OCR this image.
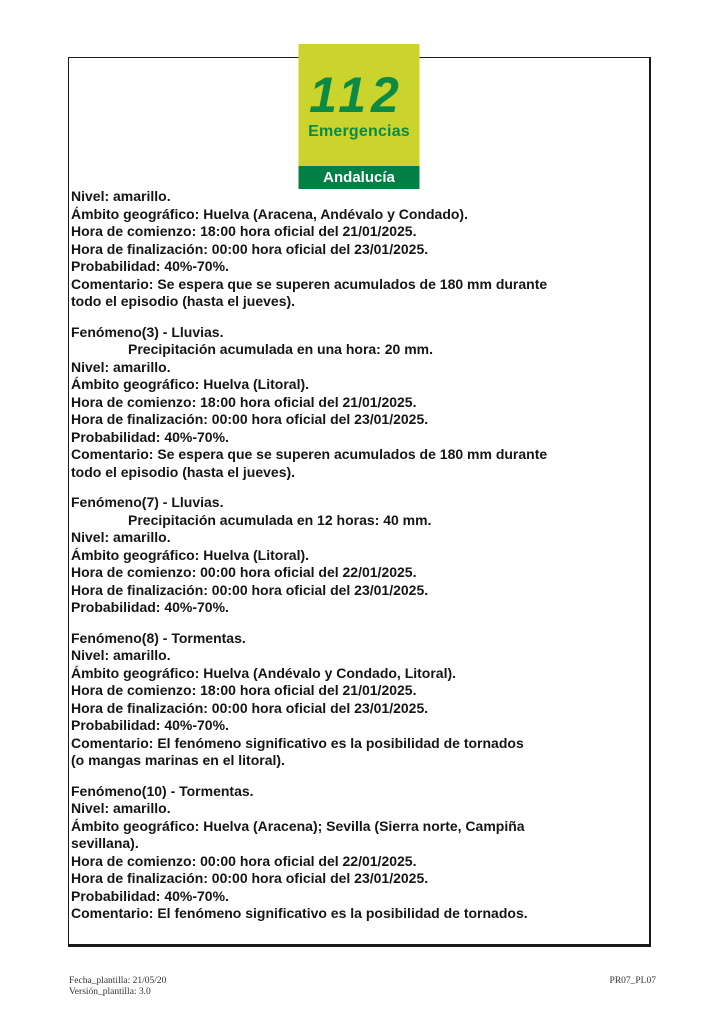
112
Emergencias
Andalucía
Nivel: amarillo.
Ámbito geográfico: Huelva (Aracena, Andévalo y Condado).
Hora de comienzo: 18:00 hora oficial del 21/01/2025.
Hora de finalización: 00:00 hora oficial del 23/01/2025.
Probabilidad: 40%-70%.
Comentario: Se espera que se superen acumulados de 180 mm durante
todo el episodio (hasta el jueves).
Fenómeno(3) - Lluvias.
Precipitación acumulada en una hora: 20 mm.
Nivel: amarillo.
Ámbito geográfico: Huelva (Litoral).
Hora de comienzo: 18:00 hora oficial del 21/01/2025.
Hora de finalización: 00:00 hora oficial del 23/01/2025.
Probabilidad: 40%-70%.
Comentario: Se espera que se superen acumulados de 180 mm durante
todo el episodio (hasta el jueves).
Fenómeno(7) - Lluvias.
Precipitación acumulada en 12 horas: 40 mm.
Nivel: amarillo.
Ámbito geográfico: Huelva (Litoral).
Hora de comienzo: 00:00 hora oficial del 22/01/2025.
Hora de finalización: 00:00 hora oficial del 23/01/2025.
Probabilidad: 40%-70%.
Fenómeno(8) - Tormentas.
Nivel: amarillo.
Ámbito geográfico: Huelva (Andévalo y Condado, Litoral).
Hora de comienzo: 18:00 hora oficial del 21/01/2025.
Hora de finalización: 00:00 hora oficial del 23/01/2025.
Probabilidad: 40%-70%.
Comentario: El fenómeno significativo es la posibilidad de tornados
(o mangas marinas en el litoral).
Fenómeno(10) - Tormentas.
Nivel: amarillo.
Ámbito geográfico: Huelva (Aracena); Sevilla (Sierra norte, Campiña
sevillana).
Hora de comienzo: 00:00 hora oficial del 22/01/2025.
Hora de finalización: 00:00 hora oficial del 23/01/2025.
Probabilidad: 40%-70%.
Comentario: El fenómeno significativo es la posibilidad de tornados.
Fecha_plantilla: 21/05/20
Versión_plantilla: 3.0
PR07_PL07
